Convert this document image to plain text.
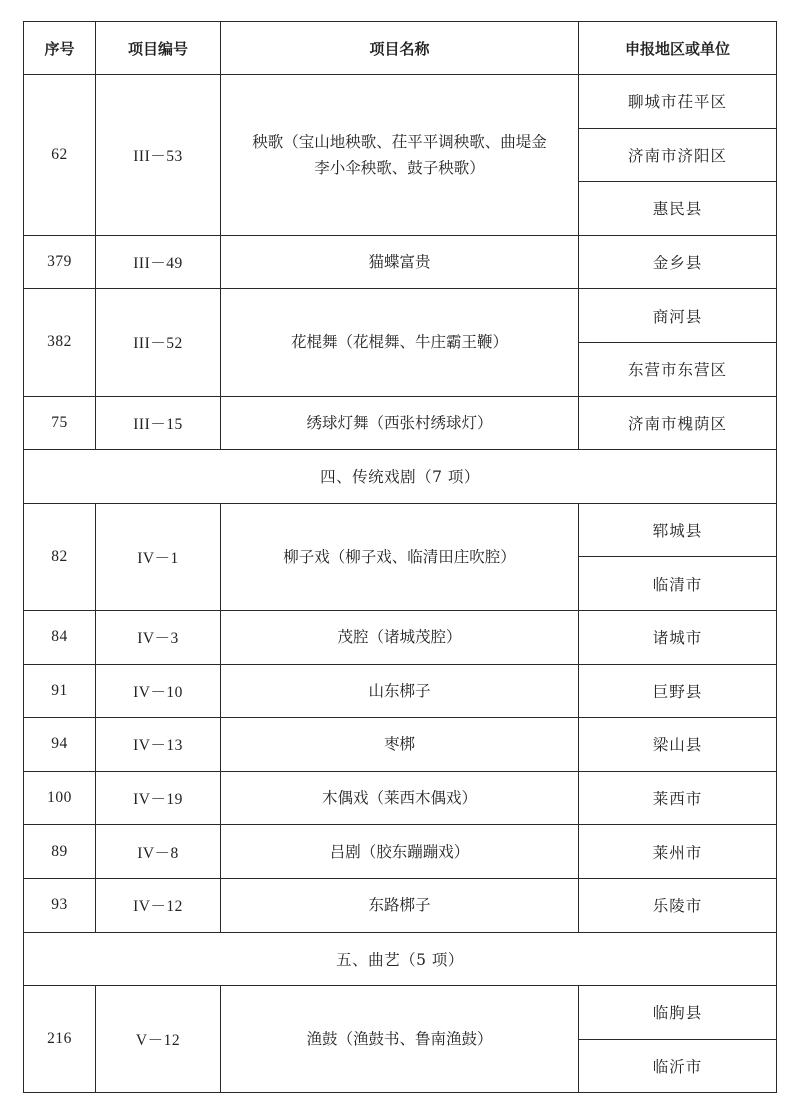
序号	项目编号	项目名称	申报地区或单位
62	III－53	秧歌（宝山地秧歌、茌平平调秧歌、曲堤金李小伞秧歌、鼓子秧歌）	聊城市茌平区
			济南市济阳区
			惠民县
379	III－49	猫蝶富贵	金乡县
382	III－52	花棍舞（花棍舞、牛庄霸王鞭）	商河县
			东营市东营区
75	III－15	绣球灯舞（西张村绣球灯）	济南市槐荫区
四、传统戏剧（7 项）			
82	IV－1	柳子戏（柳子戏、临清田庄吹腔）	郓城县
			临清市
84	IV－3	茂腔（诸城茂腔）	诸城市
91	IV－10	山东梆子	巨野县
94	IV－13	枣梆	梁山县
100	IV－19	木偶戏（莱西木偶戏）	莱西市
89	IV－8	吕剧（胶东蹦蹦戏）	莱州市
93	IV－12	东路梆子	乐陵市
五、曲艺（5 项）			
216	V－12	渔鼓（渔鼓书、鲁南渔鼓）	临朐县
			临沂市
